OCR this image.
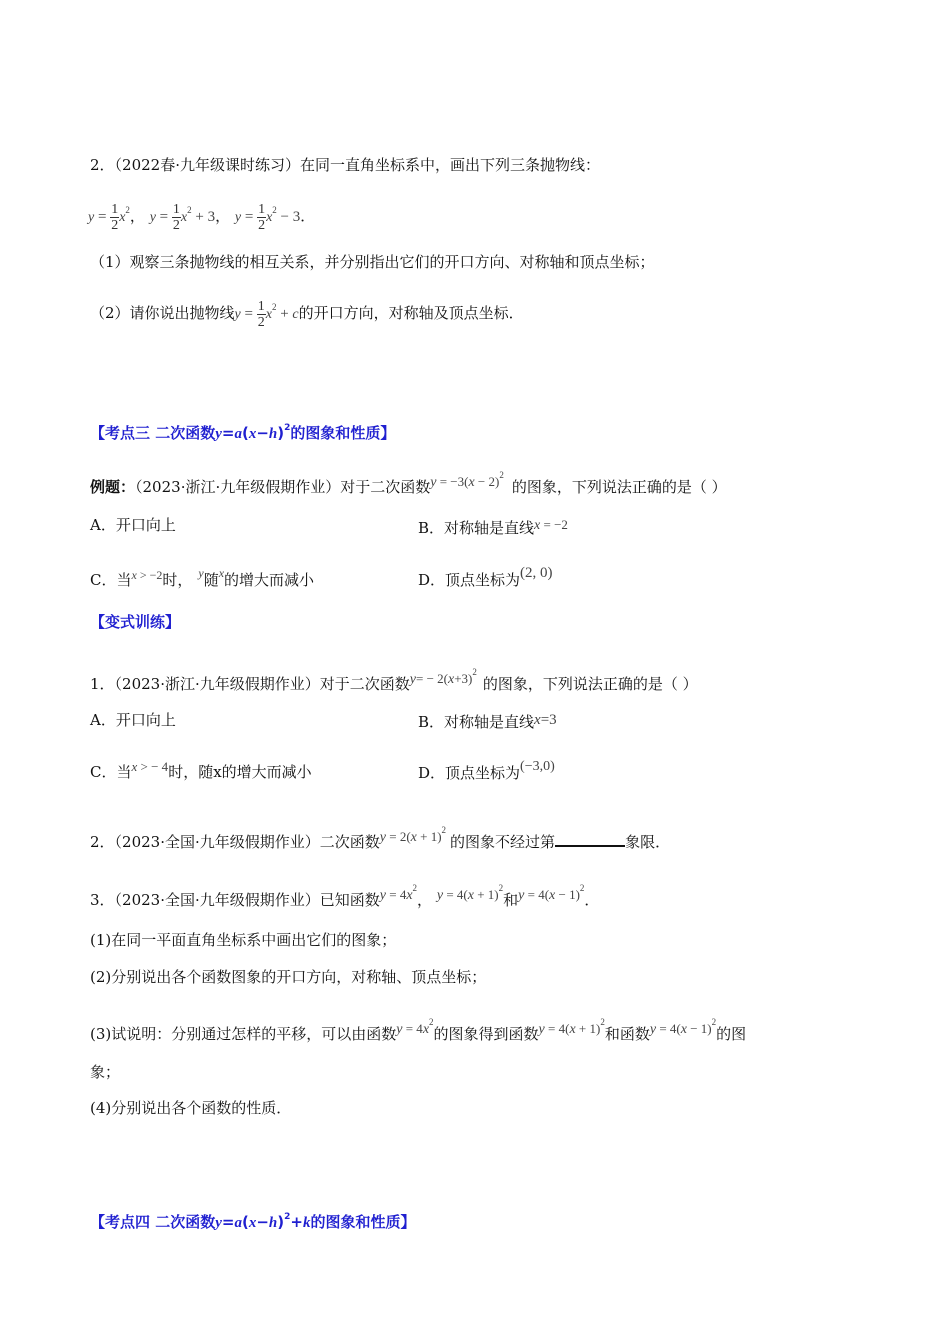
2．（2022春·九年级课时练习）在同一直角坐标系中，画出下列三条抛物线：
$y = \frac{1}{2} x^2$， $y = \frac{1}{2} x^2 + 3$， $y = \frac{1}{2} x^2 - 3$．
（1）观察三条抛物线的相互关系，并分别指出它们的开口方向、对称轴和顶点坐标；
（2）请你说出抛物线$y = \frac{1}{2} x^2 + c$的开口方向，对称轴及顶点坐标．
【考点三 二次函数$y=a(x-h)^2$的图象和性质】
例题：（2023·浙江·九年级假期作业）对于二次函数$y = -3(x - 2)^2$的图象，下列说法正确的是（ ）
A．开口向上	B．对称轴是直线x = −2
C．当$^x$ $^{> -2}$时， $^y$随$^x$的增大而减小	D．顶点坐标为(2, 0)
【变式训练】
1．（2023·浙江·九年级假期作业）对于二次函数$y= - 2(x+3)^2$的图象，下列说法正确的是（ ）
A．开口向上	B．对称轴是直线x=3
C．当x > − 4时，随x的增大而减小	D．顶点坐标为(−3,0)
2．（2023·全国·九年级假期作业）二次函数$y = 2(x + 1)^2$的图象不经过第	象限．
3．（2023·全国·九年级假期作业）已知函数$y = 4x^2$， $y = 4(x + 1)^2$和$y = 4(x - 1)^2$．
(1)在同一平面直角坐标系中画出它们的图象；
(2)分别说出各个函数图象的开口方向，对称轴、顶点坐标；
(3)试说明：分别通过怎样的平移，可以由函数$y = 4x^2$的图象得到函数$y = 4(x + 1)^2$和函数$y = 4(x - 1)^2$的图
象；
(4)分别说出各个函数的性质．
【考点四 二次函数$y=a(x-h)^2+k$的图象和性质】
